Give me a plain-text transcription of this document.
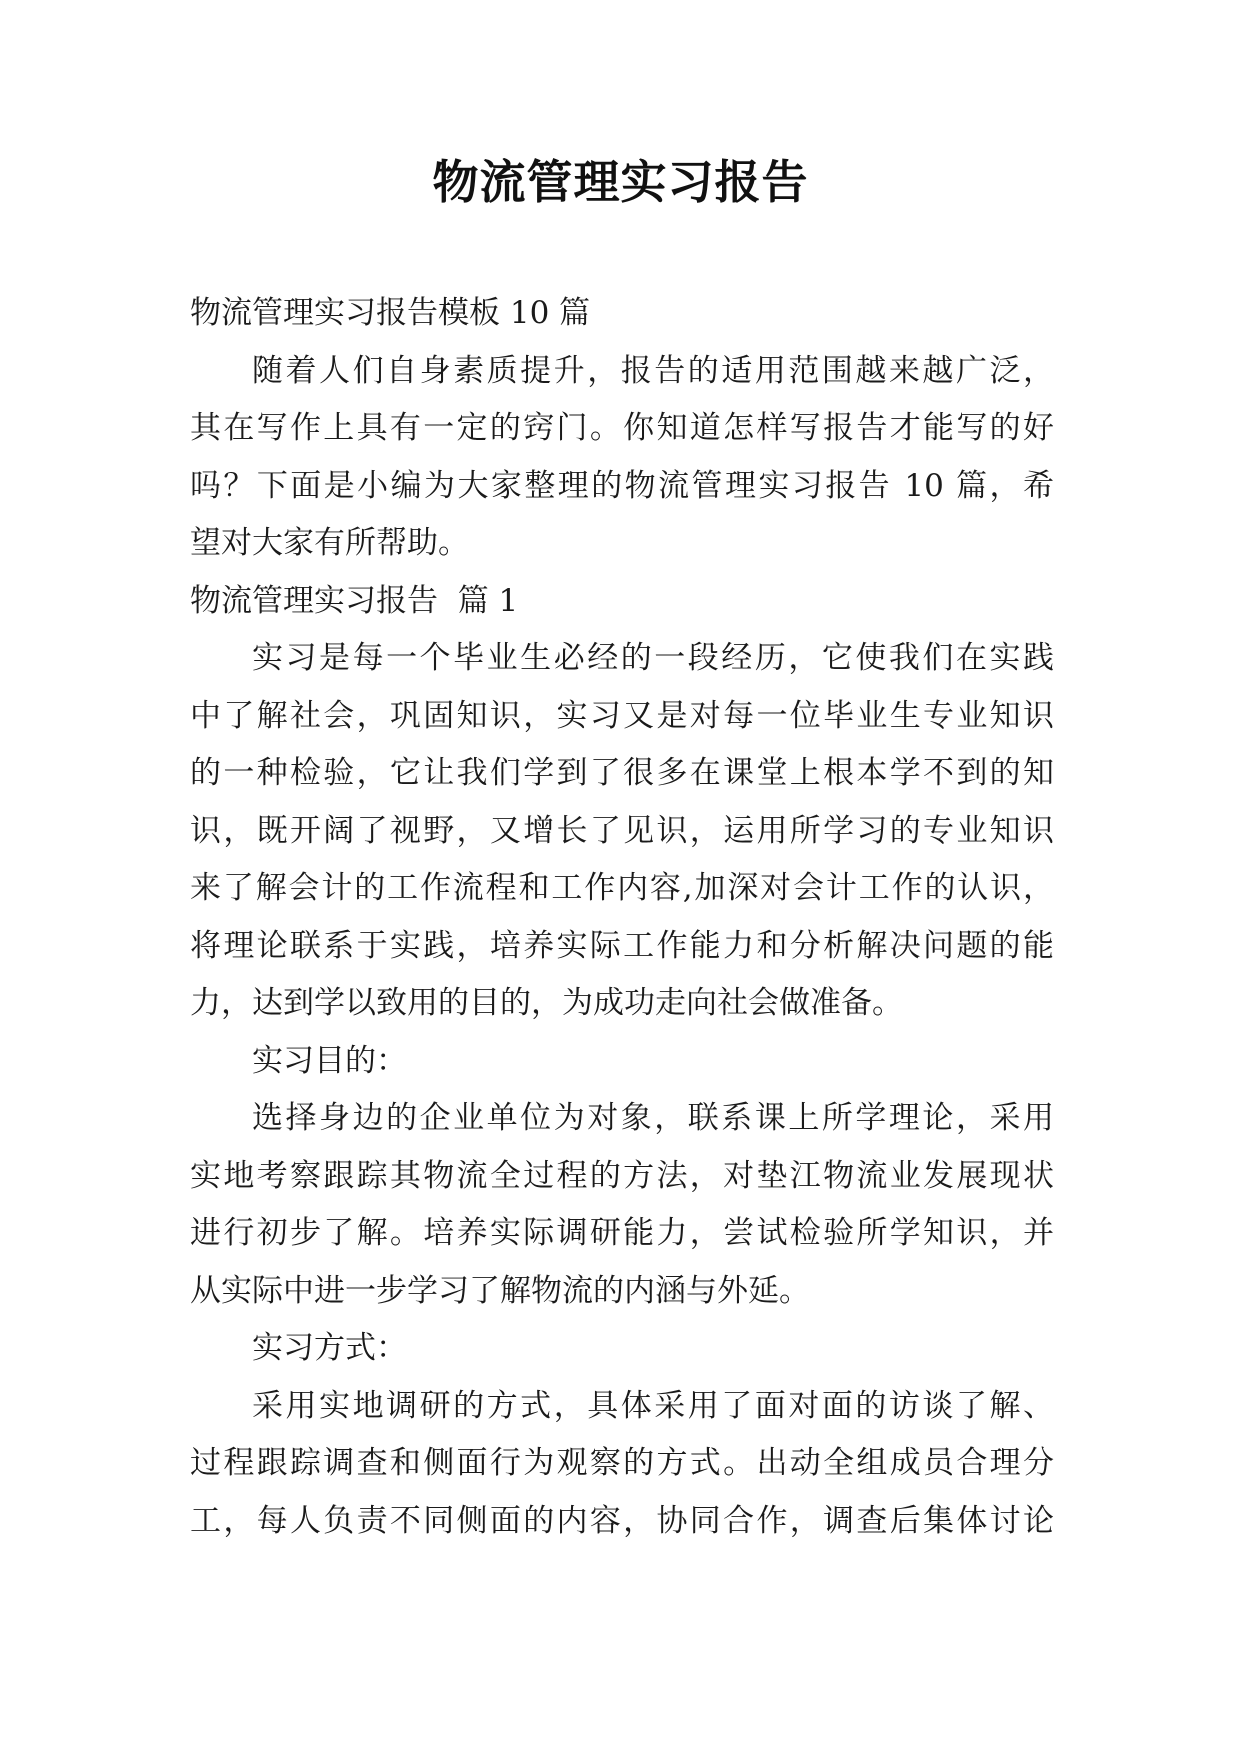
物流管理实习报告

物流管理实习报告模板 10 篇

随着人们自身素质提升，报告的适用范围越来越广泛，
其在写作上具有一定的窍门。你知道怎样写报告才能写的好
吗？下面是小编为大家整理的物流管理实习报告 10 篇，希
望对大家有所帮助。

物流管理实习报告  篇 1

实习是每一个毕业生必经的一段经历，它使我们在实践
中了解社会，巩固知识，实习又是对每一位毕业生专业知识
的一种检验，它让我们学到了很多在课堂上根本学不到的知
识，既开阔了视野，又增长了见识，运用所学习的专业知识
来了解会计的工作流程和工作内容,加深对会计工作的认识，
将理论联系于实践，培养实际工作能力和分析解决问题的能
力，达到学以致用的目的，为成功走向社会做准备。

实习目的：

选择身边的企业单位为对象，联系课上所学理论，采用
实地考察跟踪其物流全过程的方法，对垫江物流业发展现状
进行初步了解。培养实际调研能力，尝试检验所学知识，并
从实际中进一步学习了解物流的内涵与外延。

实习方式：

采用实地调研的方式，具体采用了面对面的访谈了解、
过程跟踪调查和侧面行为观察的方式。出动全组成员合理分
工，每人负责不同侧面的内容，协同合作，调查后集体讨论
